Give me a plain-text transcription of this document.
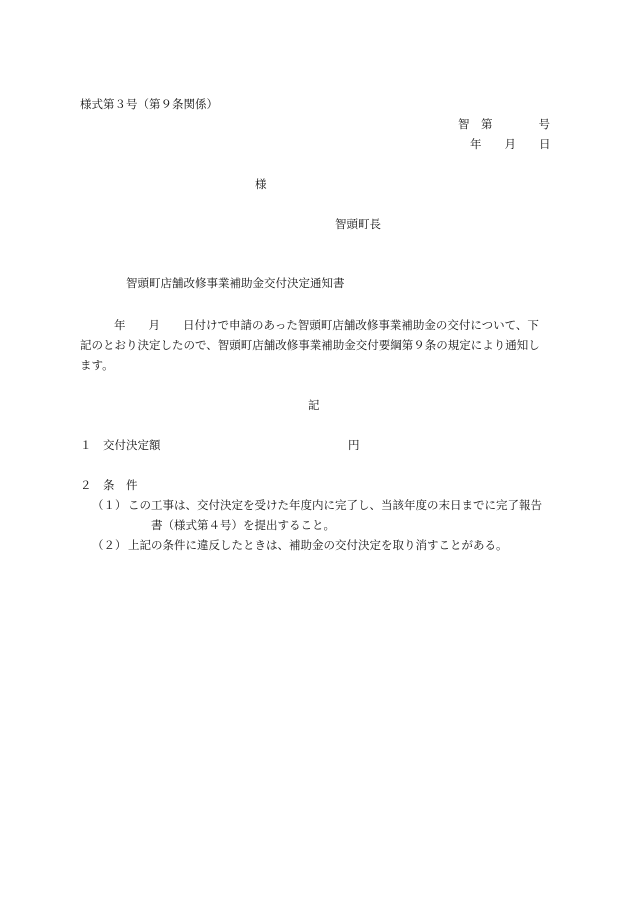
様式第３号（第９条関係）
智　第　　　　号
年　　月　　日
様
智頭町長
智頭町店舗改修事業補助金交付決定通知書
年　　月　　日付けで申請のあった智頭町店舗改修事業補助金の交付について、下
記のとおり決定したので、智頭町店舗改修事業補助金交付要綱第９条の規定により通知し
ます。
記
１ 交付決定額	円
２ 条　件
（１） この工事は、交付決定を受けた年度内に完了し、当該年度の末日までに完了報告
書（様式第４号）を提出すること。
（２） 上記の条件に違反したときは、補助金の交付決定を取り消すことがある。
